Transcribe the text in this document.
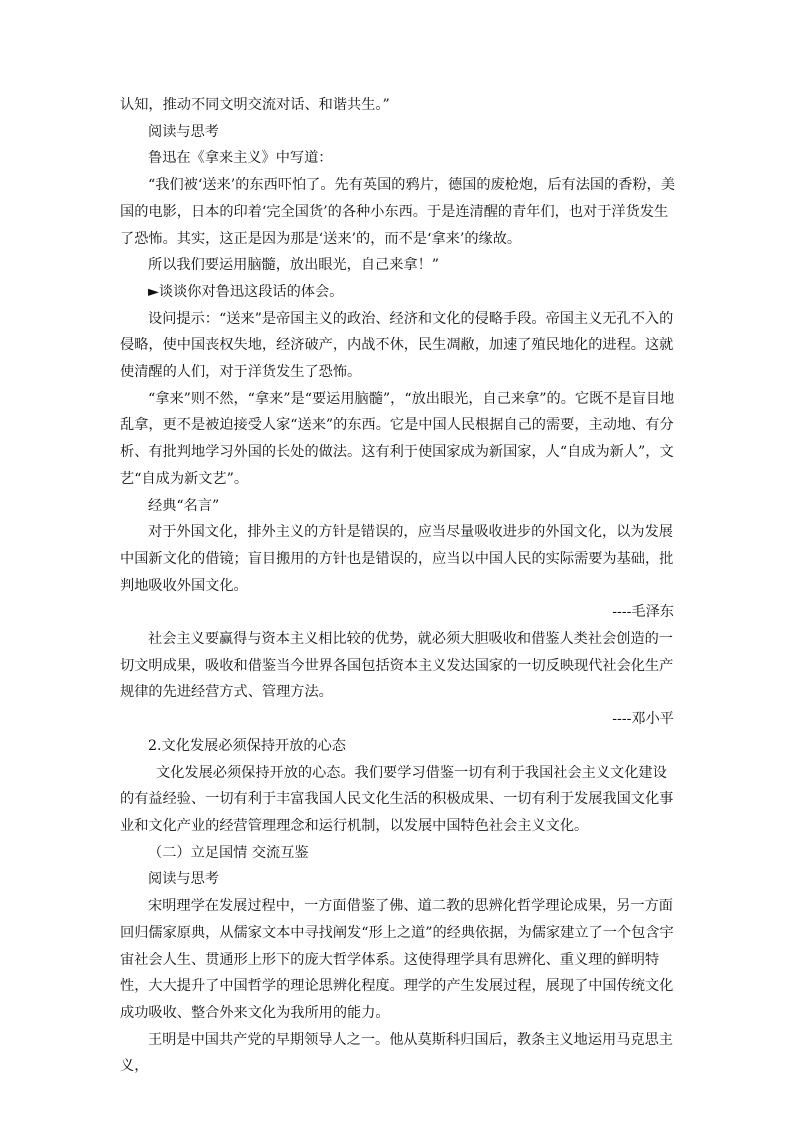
认知，推动不同文明交流对话、和谐共生。”

阅读与思考

鲁迅在《拿来主义》中写道：

“我们被‘送来’的东西吓怕了。先有英国的鸦片，德国的废枪炮，后有法国的香粉，美国的电影，日本的印着‘完全国货’的各种小东西。于是连清醒的青年们，也对于洋货发生了恐怖。其实，这正是因为那是‘送来’的，而不是‘拿来’的缘故。

所以我们要运用脑髓，放出眼光，自己来拿！”

►谈谈你对鲁迅这段话的体会。

设问提示：“送来”是帝国主义的政治、经济和文化的侵略手段。帝国主义无孔不入的侵略，使中国丧权失地，经济破产，内战不休，民生凋敝，加速了殖民地化的进程。这就使清醒的人们，对于洋货发生了恐怖。

“拿来”则不然，“拿来”是“要运用脑髓”，“放出眼光，自己来拿”的。它既不是盲目地乱拿，更不是被迫接受人家“送来”的东西。它是中国人民根据自己的需要，主动地、有分析、有批判地学习外国的长处的做法。这有利于使国家成为新国家，人“自成为新人”，文艺“自成为新文艺”。

经典“名言”

对于外国文化，排外主义的方针是错误的，应当尽量吸收进步的外国文化，以为发展中国新文化的借镜；盲目搬用的方针也是错误的，应当以中国人民的实际需要为基础，批判地吸收外国文化。

----毛泽东

社会主义要赢得与资本主义相比较的优势，就必须大胆吸收和借鉴人类社会创造的一切文明成果，吸收和借鉴当今世界各国包括资本主义发达国家的一切反映现代社会化生产规律的先进经营方式、管理方法。

----邓小平

2.文化发展必须保持开放的心态

文化发展必须保持开放的心态。我们要学习借鉴一切有利于我国社会主义文化建设的有益经验、一切有利于丰富我国人民文化生活的积极成果、一切有利于发展我国文化事业和文化产业的经营管理理念和运行机制，以发展中国特色社会主义文化。

（二）立足国情 交流互鉴

阅读与思考

宋明理学在发展过程中，一方面借鉴了佛、道二教的思辨化哲学理论成果，另一方面回归儒家原典，从儒家文本中寻找阐发“形上之道”的经典依据，为儒家建立了一个包含宇宙社会人生、贯通形上形下的庞大哲学体系。这使得理学具有思辨化、重义理的鲜明特性，大大提升了中国哲学的理论思辨化程度。理学的产生发展过程，展现了中国传统文化成功吸收、整合外来文化为我所用的能力。

王明是中国共产党的早期领导人之一。他从莫斯科归国后，教条主义地运用马克思主义，
